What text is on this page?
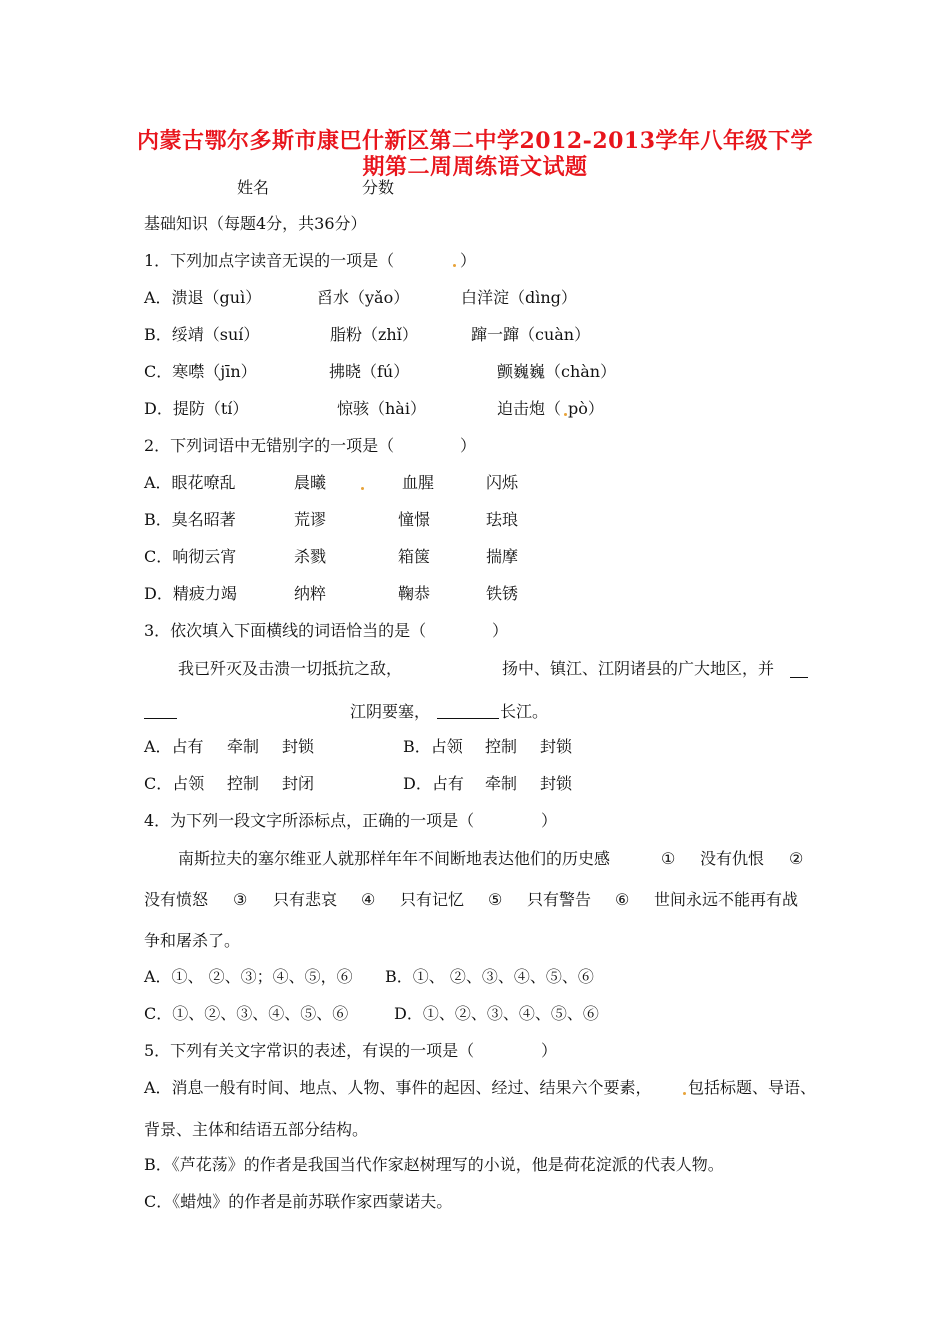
内蒙古鄂尔多斯市康巴什新区第二中学2012-2013学年八年级下学
期第二周周练语文试题
姓名	分数
基础知识（每题4分，共36分）
1．下列加点字读音无误的一项是（	）
A．溃退（guì）	舀水（yǎo）	白洋淀（dìng）
B．绥靖（suí）	脂粉（zhǐ）	蹿一蹿（cuàn）
C．寒噤（jīn）	拂晓（fú）	颤巍巍（chàn）
D．提防（tí）	惊骇（hài）	迫击炮（ pò）
2．下列词语中无错别字的一项是（	）
A．眼花嘹乱	晨曦	血腥	闪烁
B．臭名昭著	荒谬	憧憬	珐琅
C．响彻云宵	杀戮	箱箧	揣摩
D．精疲力竭	纳粹	鞠恭	铁锈
3．依次填入下面横线的词语恰当的是（	）
我已歼灭及击溃一切抵抗之敌，	扬中、镇江、江阴诸县的广大地区，并
江阴要塞，	长江。
A．占有 牵制 封锁	B．占领 控制 封锁
C．占领 控制 封闭	D．占有 牵制 封锁
4．为下列一段文字所添标点，正确的一项是（	）
南斯拉夫的塞尔维亚人就那样年年不间断地表达他们的历史感	① 没有仇恨 ②
没有愤怒 ③ 只有悲哀 ④ 只有记忆 ⑤ 只有警告 ⑥ 世间永远不能再有战
争和屠杀了。
A．①、 ②、③；④、⑤，⑥ B．①、 ②、③、④、⑤、⑥
C．①、②、③、④、⑤、⑥	D．①、②、③、④、⑤、⑥
5．下列有关文字常识的表述，有误的一项是（	）
A．消息一般有时间、地点、人物、事件的起因、经过、结果六个要素， 包括标题、导语、
背景、主体和结语五部分结构。
B．《芦花荡》的作者是我国当代作家赵树理写的小说，他是荷花淀派的代表人物。
C．《蜡烛》的作者是前苏联作家西蒙诺夫。
